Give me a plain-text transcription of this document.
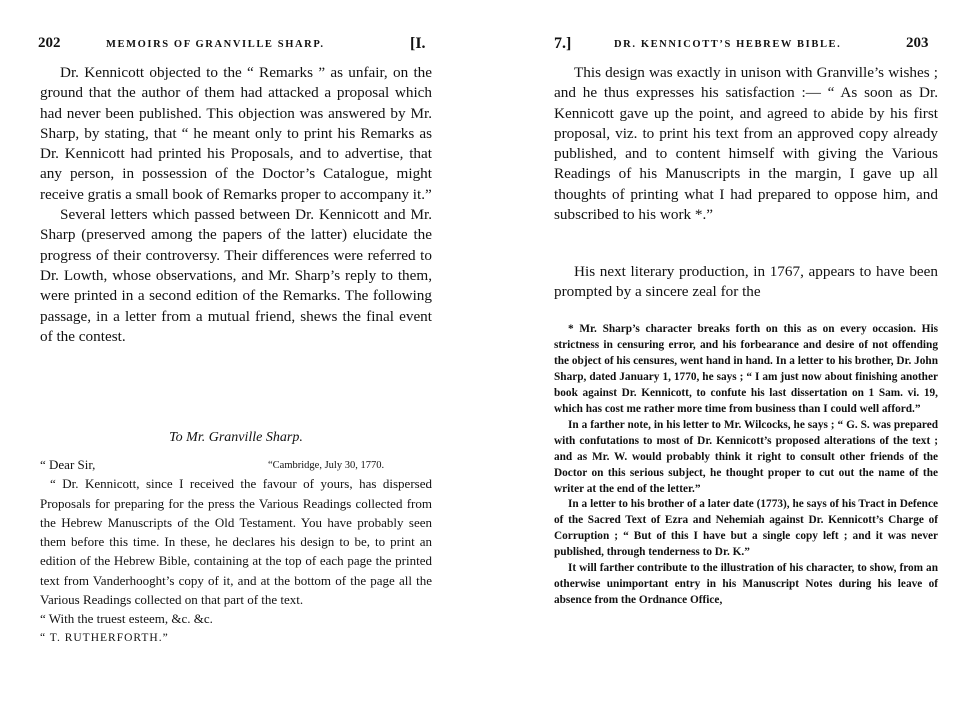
202	MEMOIRS OF GRANVILLE SHARP.	[I.

Dr. Kennicott objected to the “ Remarks ” as unfair, on the ground that the author of them had attacked a proposal which had never been published. This objection was answered by Mr. Sharp, by stating, that “ he meant only to print his Remarks as Dr. Kennicott had printed his Proposals, and to advertise, that any person, in possession of the Doctor’s Catalogue, might receive gratis a small book of Remarks proper to accompany it.”

Several letters which passed between Dr. Kennicott and Mr. Sharp (preserved among the papers of the latter) elucidate the progress of their controversy. Their differences were referred to Dr. Lowth, whose observations, and Mr. Sharp’s reply to them, were printed in a second edition of the Remarks. The following passage, in a letter from a mutual friend, shews the final event of the contest.

To Mr. Granville Sharp.

“ Dear Sir,	“Cambridge, July 30, 1770.

“ Dr. Kennicott, since I received the favour of yours, has dispersed Proposals for preparing for the press the Various Readings collected from the Hebrew Manuscripts of the Old Testament. You have probably seen them before this time. In these, he declares his design to be, to print an edition of the Hebrew Bible, containing at the top of each page the printed text from Vanderhooght’s copy of it, and at the bottom of the page all the Various Readings collected on that part of the text.

“ With the truest esteem, &c. &c.

“ T. RUTHERFORTH.”

7.]	DR. KENNICOTT’S HEBREW BIBLE.	203

This design was exactly in unison with Granville’s wishes ; and he thus expresses his satisfaction :— “ As soon as Dr. Kennicott gave up the point, and agreed to abide by his first proposal, viz. to print his text from an approved copy already published, and to content himself with giving the Various Readings of his Manuscripts in the margin, I gave up all thoughts of printing what I had prepared to oppose him, and subscribed to his work *.”

His next literary production, in 1767, appears to have been prompted by a sincere zeal for the

* Mr. Sharp’s character breaks forth on this as on every occasion. His strictness in censuring error, and his forbearance and desire of not offending the object of his censures, went hand in hand. In a letter to his brother, Dr. John Sharp, dated January 1, 1770, he says ; “ I am just now about finishing another book against Dr. Kennicott, to confute his last dissertation on 1 Sam. vi. 19, which has cost me rather more time from business than I could well afford.”

In a farther note, in his letter to Mr. Wilcocks, he says ; “ G. S. was prepared with confutations to most of Dr. Kennicott’s proposed alterations of the text ; and as Mr. W. would probably think it right to consult other friends of the Doctor on this serious subject, he thought proper to cut out the name of the writer at the end of the letter.”

In a letter to his brother of a later date (1773), he says of his Tract in Defence of the Sacred Text of Ezra and Nehemiah against Dr. Kennicott’s Charge of Corruption ; “ But of this I have but a single copy left ; and it was never published, through tenderness to Dr. K.”

It will farther contribute to the illustration of his character, to show, from an otherwise unimportant entry in his Manuscript Notes during his leave of absence from the Ordnance Office,
